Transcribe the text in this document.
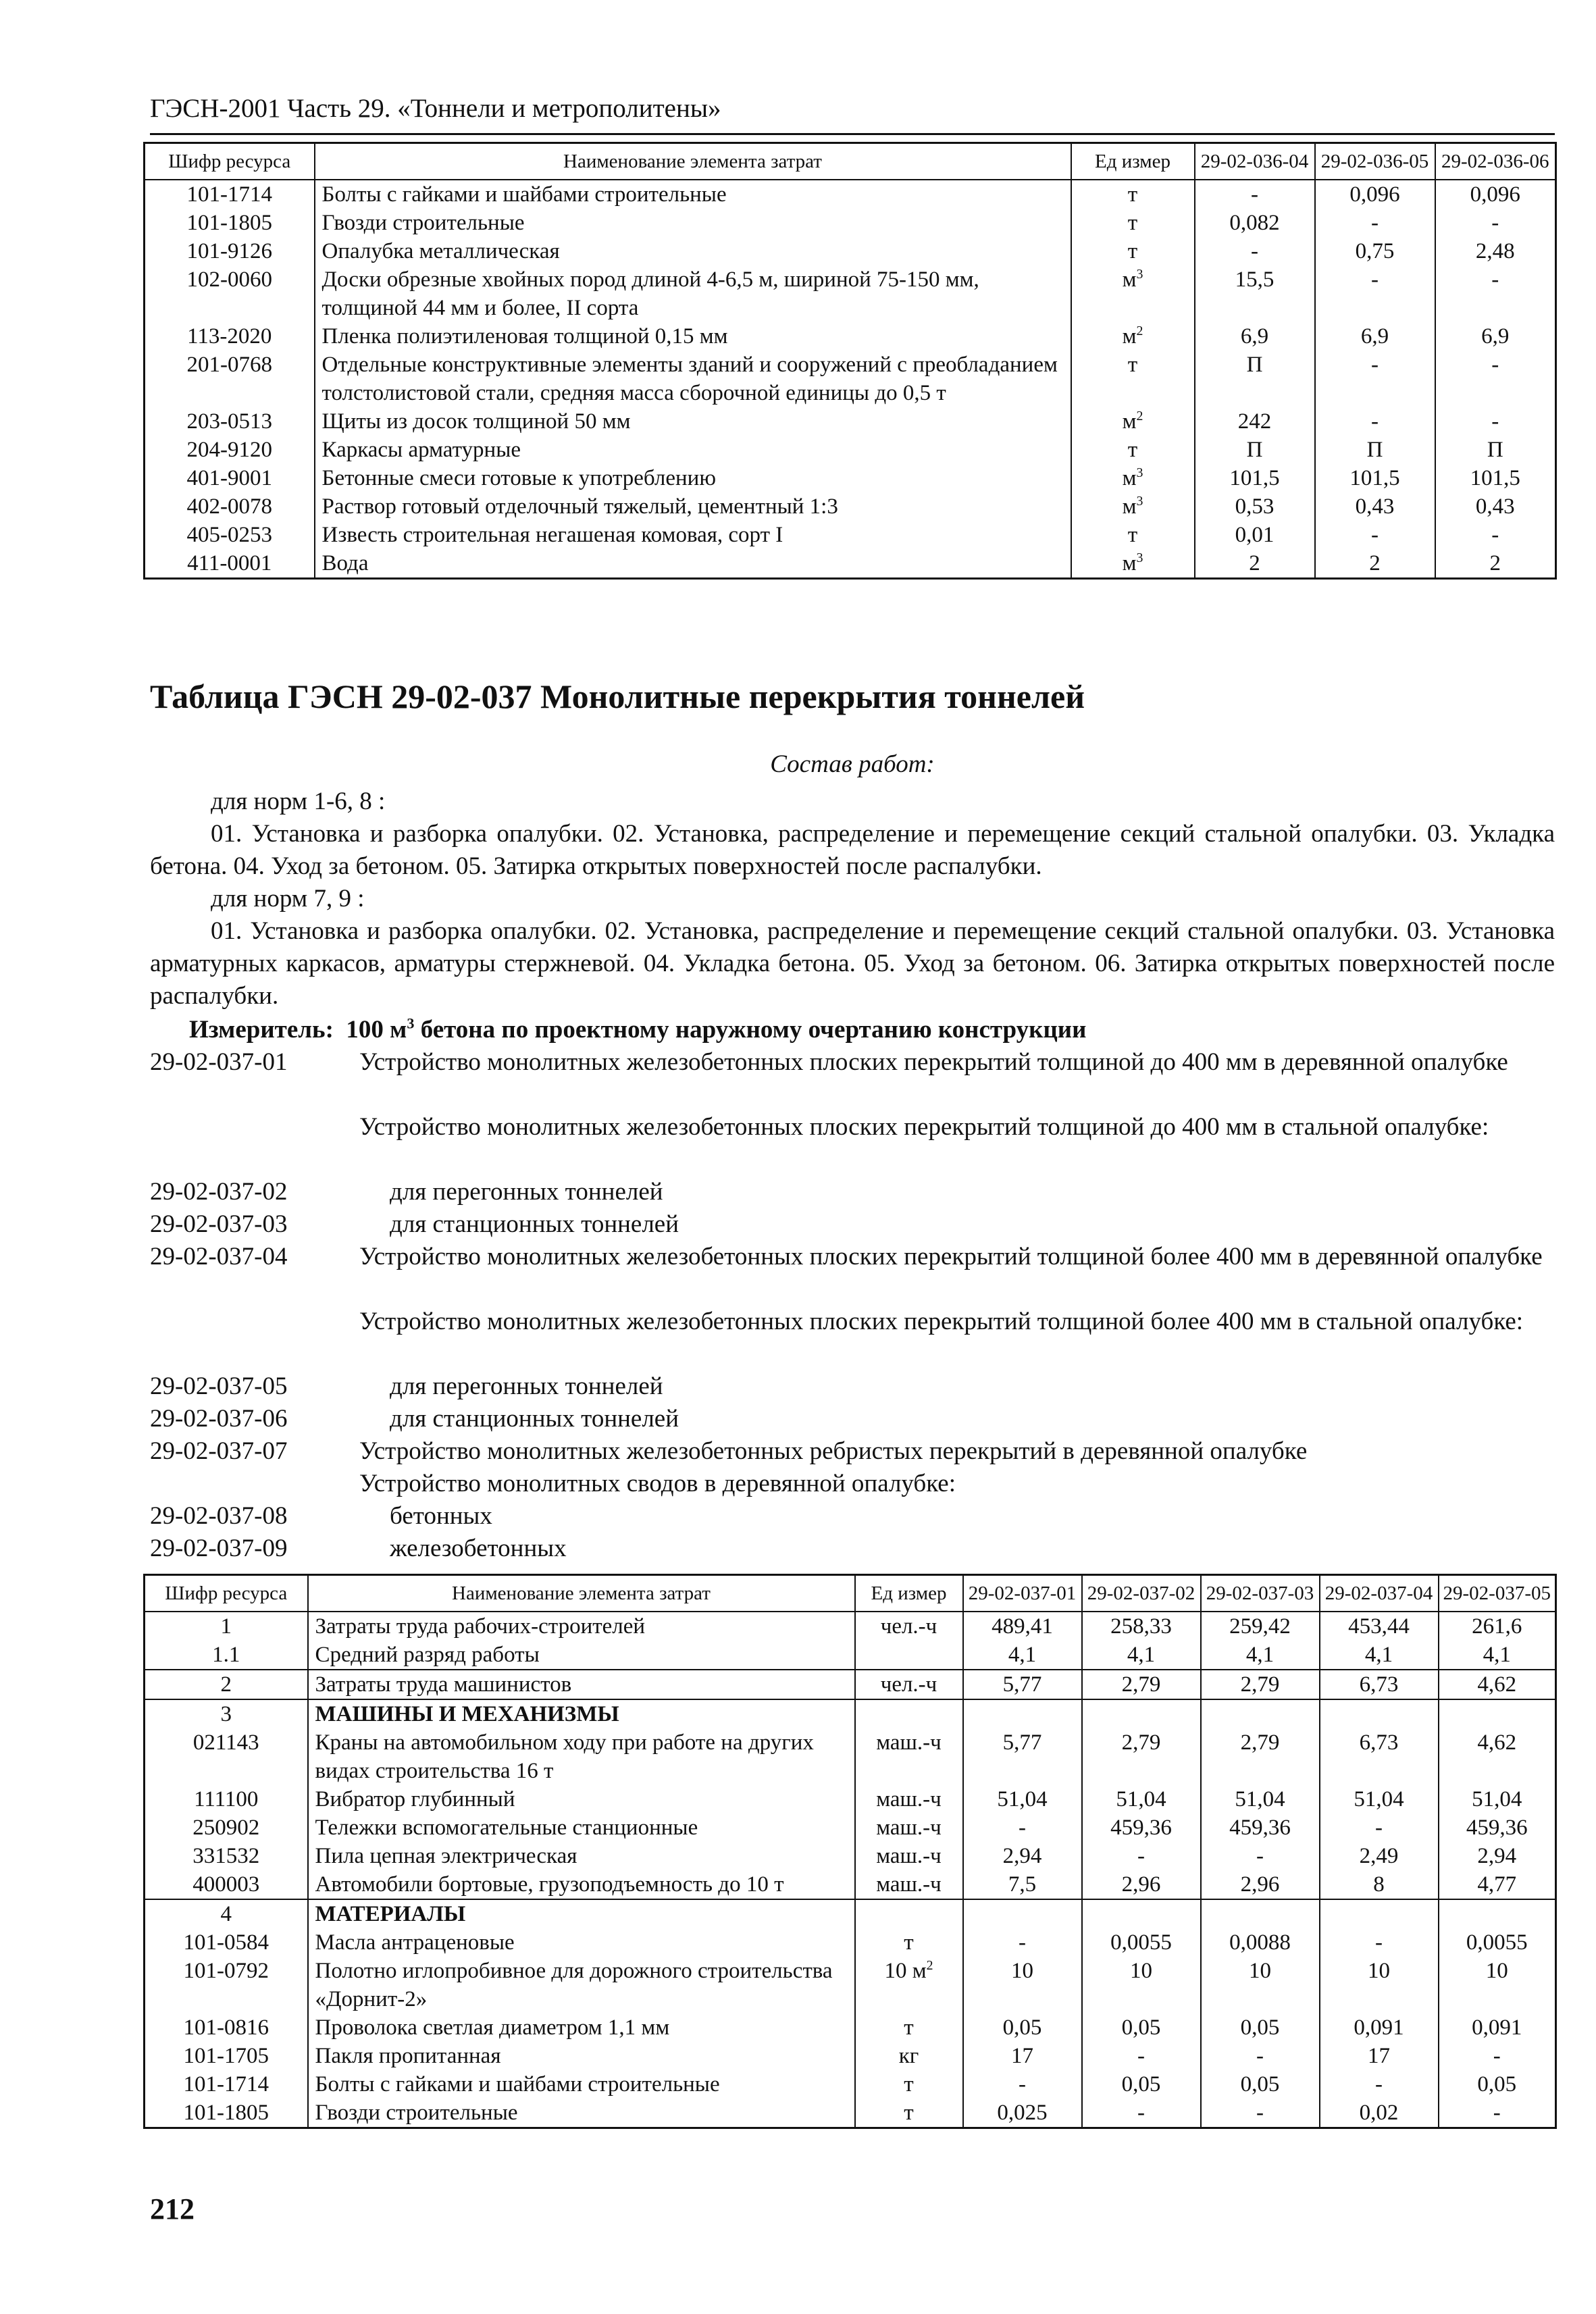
ГЭСН-2001 Часть 29. «Тоннели и метрополитены»
Шифр ресурса	Наименование элемента затрат	Ед измер	29-02-036-04	29-02-036-05	29-02-036-06
101-1714	Болты с гайками и шайбами строительные	т	-	0,096	0,096
101-1805	Гвозди строительные	т	0,082	-	-
101-9126	Опалубка металлическая	т	-	0,75	2,48
102-0060	Доски обрезные хвойных пород длиной 4-6,5 м, шириной 75-150 мм, толщиной 44 мм и более, II сорта	$м^3$	15,5	-	-
113-2020	Пленка полиэтиленовая толщиной 0,15 мм	$м^2$	6,9	6,9	6,9
201-0768	Отдельные конструктивные элементы зданий и сооружений с преобладанием толстолистовой стали, средняя масса сборочной единицы до 0,5 т	т	П	-	-
203-0513	Щиты из досок толщиной 50 мм	$м^2$	242	-	-
204-9120	Каркасы арматурные	т	П	П	П
401-9001	Бетонные смеси готовые к употреблению	$м^3$	101,5	101,5	101,5
402-0078	Раствор готовый отделочный тяжелый, цементный 1:3	$м^3$	0,53	0,43	0,43
405-0253	Известь строительная негашеная комовая, сорт I	т	0,01	-	-
411-0001	Вода	$м^3$	2	2	2
Таблица ГЭСН 29-02-037 Монолитные перекрытия тоннелей
Состав работ:
для норм 1-6, 8 :
01. Установка и разборка опалубки. 02. Установка, распределение и перемещение секций стальной опалубки. 03. Укладка бетона. 04. Уход за бетоном. 05. Затирка открытых поверхностей после распалубки.
для норм 7, 9 :
01. Установка и разборка опалубки. 02. Установка, распределение и перемещение секций стальной опалубки. 03. Установка арматурных каркасов, арматуры стержневой. 04. Укладка бетона. 05. Уход за бетоном. 06. Затирка открытых поверхностей после распалубки.
Измеритель: 100 $м^3$ бетона по проектному наружному очертанию конструкции
29-02-037-01	Устройство монолитных железобетонных плоских перекрытий толщиной до 400 мм в деревянной опалубке
Устройство монолитных железобетонных плоских перекрытий толщиной до 400 мм в стальной опалубке:
29-02-037-02	для перегонных тоннелей
29-02-037-03	для станционных тоннелей
29-02-037-04	Устройство монолитных железобетонных плоских перекрытий толщиной более 400 мм в деревянной опалубке
Устройство монолитных железобетонных плоских перекрытий толщиной более 400 мм в стальной опалубке:
29-02-037-05	для перегонных тоннелей
29-02-037-06	для станционных тоннелей
29-02-037-07	Устройство монолитных железобетонных ребристых перекрытий в деревянной опалубке
Устройство монолитных сводов в деревянной опалубке:
29-02-037-08	бетонных
29-02-037-09	железобетонных
Шифр ресурса	Наименование элемента затрат	Ед измер	29-02-037-01	29-02-037-02	29-02-037-03	29-02-037-04	29-02-037-05
1	Затраты труда рабочих-строителей	чел.-ч	489,41	258,33	259,42	453,44	261,6
1.1	Средний разряд работы		4,1	4,1	4,1	4,1	4,1
2	Затраты труда машинистов	чел.-ч	5,77	2,79	2,79	6,73	4,62
3	МАШИНЫ И МЕХАНИЗМЫ						
021143	Краны на автомобильном ходу при работе на других видах строительства 16 т	маш.-ч	5,77	2,79	2,79	6,73	4,62
111100	Вибратор глубинный	маш.-ч	51,04	51,04	51,04	51,04	51,04
250902	Тележки вспомогательные станционные	маш.-ч	-	459,36	459,36	-	459,36
331532	Пила цепная электрическая	маш.-ч	2,94	-	-	2,49	2,94
400003	Автомобили бортовые, грузоподъемность до 10 т	маш.-ч	7,5	2,96	2,96	8	4,77
4	МАТЕРИАЛЫ						
101-0584	Масла антраценовые	т	-	0,0055	0,0088	-	0,0055
101-0792	Полотно иглопробивное для дорожного строительства «Дорнит-2»	10 $м^2$	10	10	10	10	10
101-0816	Проволока светлая диаметром 1,1 мм	т	0,05	0,05	0,05	0,091	0,091
101-1705	Пакля пропитанная	кг	17	-	-	17	-
101-1714	Болты с гайками и шайбами строительные	т	-	0,05	0,05	-	0,05
101-1805	Гвозди строительные	т	0,025	-	-	0,02	-
212
